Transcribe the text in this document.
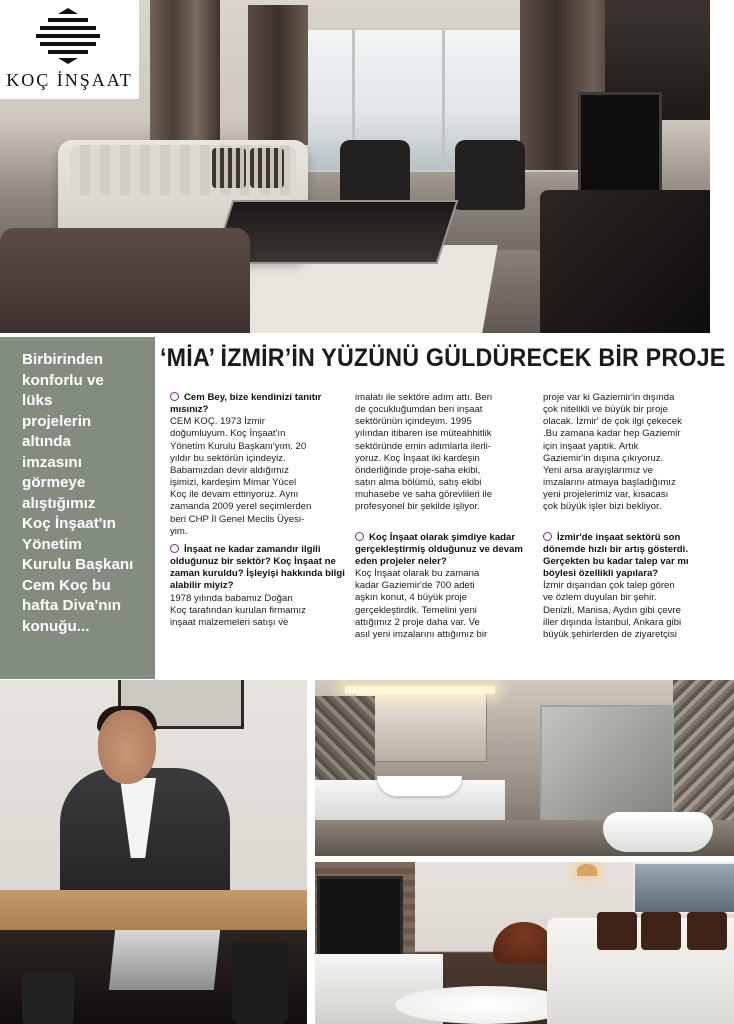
KOÇ İNŞAAT
Birbirinden
konforlu ve
lüks
projelerin
altında
imzasını
görmeye
alıştığımız
Koç İnşaat'ın
Yönetim
Kurulu Başkanı
Cem Koç bu
hafta Diva'nın
konuğu...
‘MİA’ İZMİR’İN YÜZÜNÜ GÜLDÜRECEK BİR PROJE
Cem Bey, bize kendinizi tanıtır mısınız?
CEM KOÇ. 1973 İzmir
doğumluyum. Koç İnşaat'ın
Yönetim Kurulu Başkanı'yım. 20
yıldır bu sektörün içindeyiz.
Babamızdan devir aldığımız
işimizi, kardeşim Mimar Yücel
Koç ile devam ettiriyoruz. Aynı
zamanda 2009 yerel seçimlerden
beri CHP İl Genel Meclis Üyesi-
yim.
İnşaat ne kadar zamandır ilgili olduğunuz bir sektör? Koç İnşaat ne zaman kuruldu? İşleyişi hakkında bilgi alabilir miyiz?
1978 yılında babamız Doğan
Koç tarafından kurulan firmamız
inşaat malzemeleri satışı ve
imalatı ile sektöre adım attı. Ben
de çocukluğumdan beri inşaat
sektörünün içindeyim. 1995
yılından itibaren ise müteahhitlik
sektöründe emin adımlarla ilerli-
yoruz. Koç İnşaat iki kardeşin
önderliğinde proje-saha ekibi,
satın alma bölümü, satış ekibi
muhasebe ve saha görevlileri ile
profesyonel bir şekilde işliyor.
Koç İnşaat olarak şimdiye kadar gerçekleştirmiş olduğunuz ve devam eden projeler neler?
Koç İnşaat olarak bu zamana
kadar Gaziemir'de 700 adeti
aşkın konut, 4 büyük proje
gerçekleştirdik. Temelini yeni
attığımız 2 proje daha var. Ve
asıl yeni imzalarını attığımız bir
proje var ki Gaziemir'in dışında
çok nitelikli ve büyük bir proje
olacak. İzmir' de çok ilgi çekecek
.Bu zamana kadar hep Gaziemir
için inşaat yaptık. Artık
Gaziemir'in dışına çıkıyoruz.
Yeni arsa arayışlarımız ve
imzalarını atmaya başladığımız
yeni projelerimiz var, kısacası
çok büyük işler bizi bekliyor.
İzmir'de inşaat sektörü son dönemde hızlı bir artış gösterdi. Gerçekten bu kadar talep var mı böylesi özellikli yapılara?
İzmir dışarıdan çok talep gören
ve özlem duyulan bir şehir.
Denizli, Manisa, Aydın gibi çevre
iller dışında İstanbul, Ankara gibi
büyük şehirlerden de ziyaretçisi
